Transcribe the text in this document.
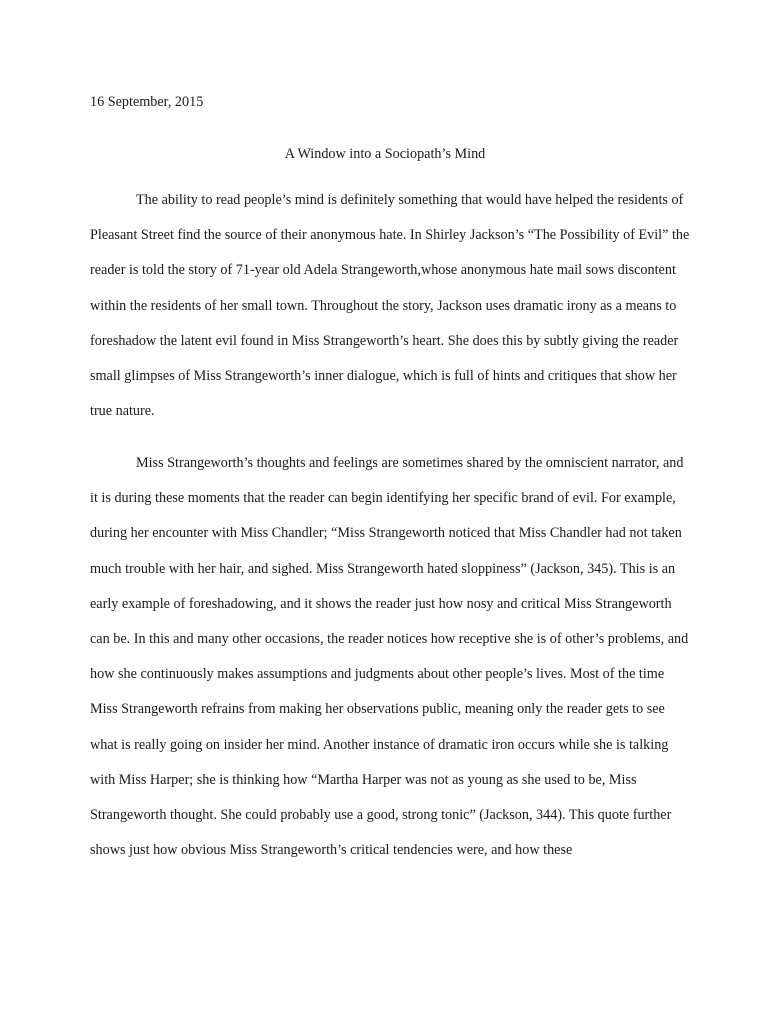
16 September, 2015
A Window into a Sociopath’s Mind

The ability to read people’s mind is definitely something that would have helped the residents of Pleasant Street find the source of their anonymous hate. In Shirley Jackson’s “The Possibility of Evil” the reader is told the story of 71-year old Adela Strangeworth,whose anonymous hate mail sows discontent within the residents of her small town. Throughout the story, Jackson uses dramatic irony as a means to foreshadow the latent evil found in Miss Strangeworth’s heart. She does this by subtly giving the reader small glimpses of Miss Strangeworth’s inner dialogue, which is full of hints and critiques that show her true nature.

Miss Strangeworth’s thoughts and feelings are sometimes shared by the omniscient narrator, and it is during these moments that the reader can begin identifying her specific brand of evil. For example, during her encounter with Miss Chandler; “Miss Strangeworth noticed that Miss Chandler had not taken much trouble with her hair, and sighed. Miss Strangeworth hated sloppiness” (Jackson, 345). This is an early example of foreshadowing, and it shows the reader just how nosy and critical Miss Strangeworth can be. In this and many other occasions, the reader notices how receptive she is of other’s problems, and how she continuously makes assumptions and judgments about other people’s lives. Most of the time Miss Strangeworth refrains from making her observations public, meaning only the reader gets to see what is really going on insider her mind. Another instance of dramatic iron occurs while she is talking with Miss Harper; she is thinking how “Martha Harper was not as young as she used to be, Miss Strangeworth thought. She could probably use a good, strong tonic” (Jackson, 344). This quote further shows just how obvious Miss Strangeworth’s critical tendencies were, and how these
